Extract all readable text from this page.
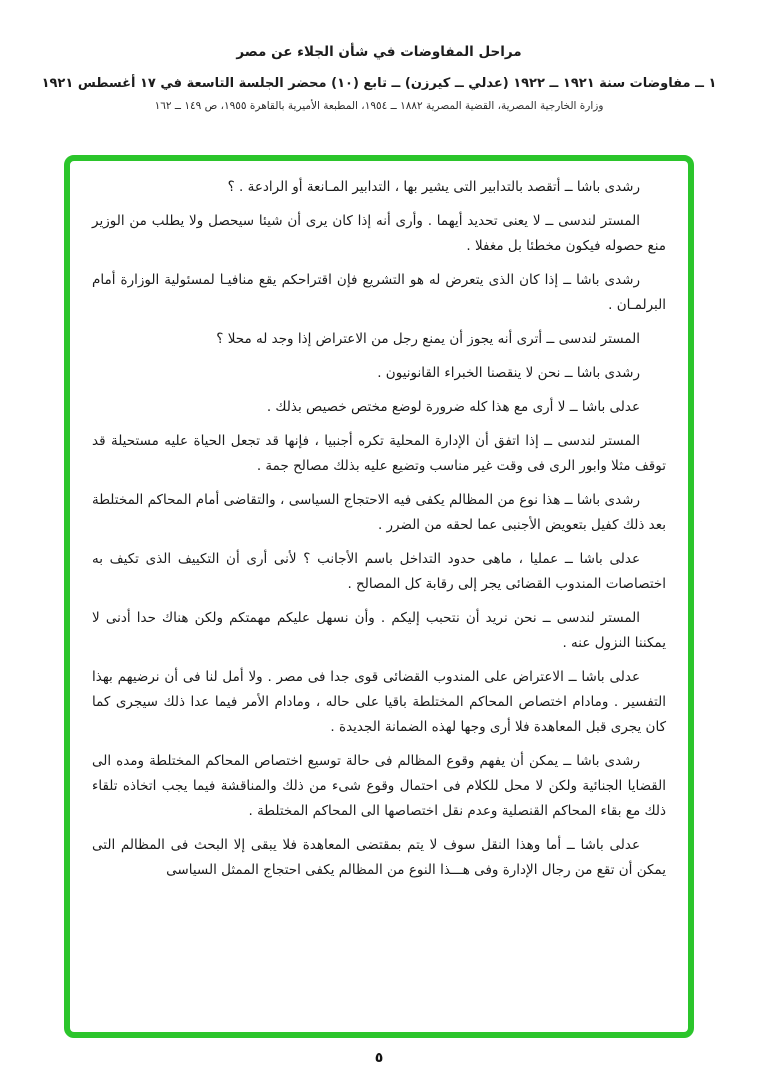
مراحل المفاوضات في شأن الجلاء عن مصر
١ ــ مفاوضات سنة ١٩٢١ ــ ١٩٢٢ (عدلي ــ كيرزن) ــ تابع (١٠) محضر الجلسة التاسعة في ١٧ أغسطس ١٩٢١
وزارة الخارجية المصرية، القضية المصرية ١٨٨٢ ــ ١٩٥٤، المطبعة الأميرية بالقاهرة ١٩٥٥، ص ١٤٩ ــ ١٦٢

رشدى باشا ــ أتقصد بالتدابير التى يشير بها ، التدابير المـانعة أو الرادعة . ؟

المستر لندسى ــ لا يعنى تحديد أيهما . وأرى أنه إذا كان يرى أن شيئا سيحصل ولا يطلب من الوزير منع حصوله فيكون مخطئا بل مغفلا .

رشدى باشا ــ إذا كان الذى يتعرض له هو التشريع فإن اقتراحكم يقع منافيـا لمسئولية الوزارة أمام البرلمـان .

المستر لندسى ــ أترى أنه يجوز أن يمنع رجل من الاعتراض إذا وجد له محلا ؟

رشدى باشا ــ نحن لا ينقصنا الخبراء القانونيون .

عدلى باشا ــ لا أرى مع هذا كله ضرورة لوضع مختص خصيص بذلك .

المستر لندسى ــ إذا اتفق أن الإدارة المحلية تكره أجنبيا ، فإنها قد تجعل الحياة عليه مستحيلة قد توقف مثلا وابور الرى فى وقت غير مناسب وتضيع عليه بذلك مصالح جمة .

رشدى باشا ــ هذا نوع من المظالم يكفى فيه الاحتجاج السياسى ، والتقاضى أمام المحاكم المختلطة بعد ذلك كفيل بتعويض الأجنبى عما لحقه من الضرر .

عدلى باشا ــ عمليا ، ماهى حدود التداخل باسم الأجانب ؟ لأنى أرى أن التكييف الذى تكيف به اختصاصات المندوب القضائى يجر إلى رقابة كل المصالح .

المستر لندسى ــ نحن نريد أن نتحبب إليكم . وأن نسهل عليكم مهمتكم ولكن هناك حدا أدنى لا يمكننا النزول عنه .

عدلى باشا ــ الاعتراض على المندوب القضائى قوى جدا فى مصر . ولا أمل لنا فى أن نرضيهم بهذا التفسير . ومادام اختصاص المحاكم المختلطة باقيا على حاله ، ومادام الأمر فيما عدا ذلك سيجرى كما كان يجرى قبل المعاهدة فلا أرى وجها لهذه الضمانة الجديدة .

رشدى باشا ــ يمكن أن يفهم وقوع المظالم فى حالة توسيع اختصاص المحاكم المختلطة ومده الى القضايا الجنائية ولكن لا محل للكلام فى احتمال وقوع شىء من ذلك والمناقشة فيما يجب اتخاذه تلقاء ذلك مع بقاء المحاكم القنصلية وعدم نقل اختصاصها الى المحاكم المختلطة .

عدلى باشا ــ أما وهذا النقل سوف لا يتم بمقتضى المعاهدة فلا يبقى إلا البحث فى المظالم التى يمكن أن تقع من رجال الإدارة وفى هـــذا النوع من المظالم يكفى احتجاج الممثل السياسى

٥
